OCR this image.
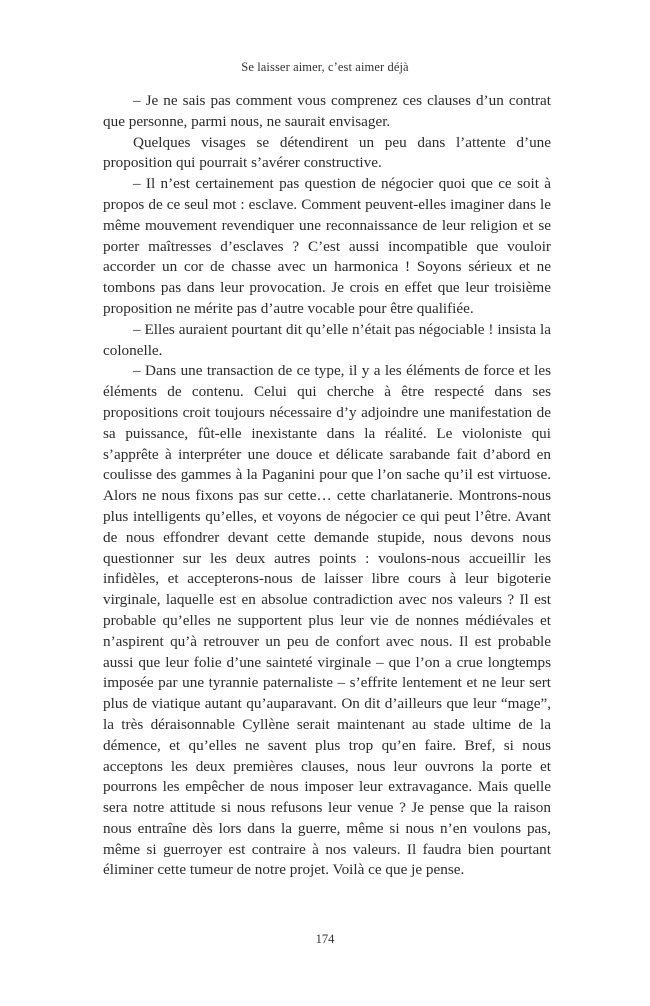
Se laisser aimer, c’est aimer déjà

– Je ne sais pas comment vous comprenez ces clauses d’un contrat que personne, parmi nous, ne saurait envisager.

Quelques visages se détendirent un peu dans l’attente d’une proposition qui pourrait s’avérer constructive.

– Il n’est certainement pas question de négocier quoi que ce soit à propos de ce seul mot : esclave. Comment peuvent-elles imaginer dans le même mouvement revendiquer une reconnaissance de leur religion et se porter maîtresses d’esclaves ? C’est aussi incompatible que vouloir accorder un cor de chasse avec un harmonica ! Soyons sérieux et ne tombons pas dans leur provocation. Je crois en effet que leur troisième proposition ne mérite pas d’autre vocable pour être qualifiée.

– Elles auraient pourtant dit qu’elle n’était pas négociable ! insista la colonelle.

– Dans une transaction de ce type, il y a les éléments de force et les éléments de contenu. Celui qui cherche à être respecté dans ses propositions croit toujours nécessaire d’y adjoindre une manifestation de sa puissance, fût-elle inexistante dans la réalité. Le violoniste qui s’apprête à interpréter une douce et délicate sarabande fait d’abord en coulisse des gammes à la Paganini pour que l’on sache qu’il est virtuose. Alors ne nous fixons pas sur cette… cette charlatanerie. Montrons-nous plus intelligents qu’elles, et voyons de négocier ce qui peut l’être. Avant de nous effondrer devant cette demande stupide, nous devons nous questionner sur les deux autres points : voulons-nous accueillir les infidèles, et accepterons-nous de laisser libre cours à leur bigoterie virginale, laquelle est en absolue contradiction avec nos valeurs ? Il est probable qu’elles ne supportent plus leur vie de nonnes médiévales et n’aspirent qu’à retrouver un peu de confort avec nous. Il est probable aussi que leur folie d’une sainteté virginale – que l’on a crue longtemps imposée par une tyrannie paternaliste – s’effrite lentement et ne leur sert plus de viatique autant qu’auparavant. On dit d’ailleurs que leur “mage”, la très déraisonnable Cyllène serait maintenant au stade ultime de la démence, et qu’elles ne savent plus trop qu’en faire. Bref, si nous acceptons les deux premières clauses, nous leur ouvrons la porte et pourrons les empêcher de nous imposer leur extravagance. Mais quelle sera notre attitude si nous refusons leur venue ? Je pense que la raison nous entraîne dès lors dans la guerre, même si nous n’en voulons pas, même si guerroyer est contraire à nos valeurs. Il faudra bien pourtant éliminer cette tumeur de notre projet. Voilà ce que je pense.

174
